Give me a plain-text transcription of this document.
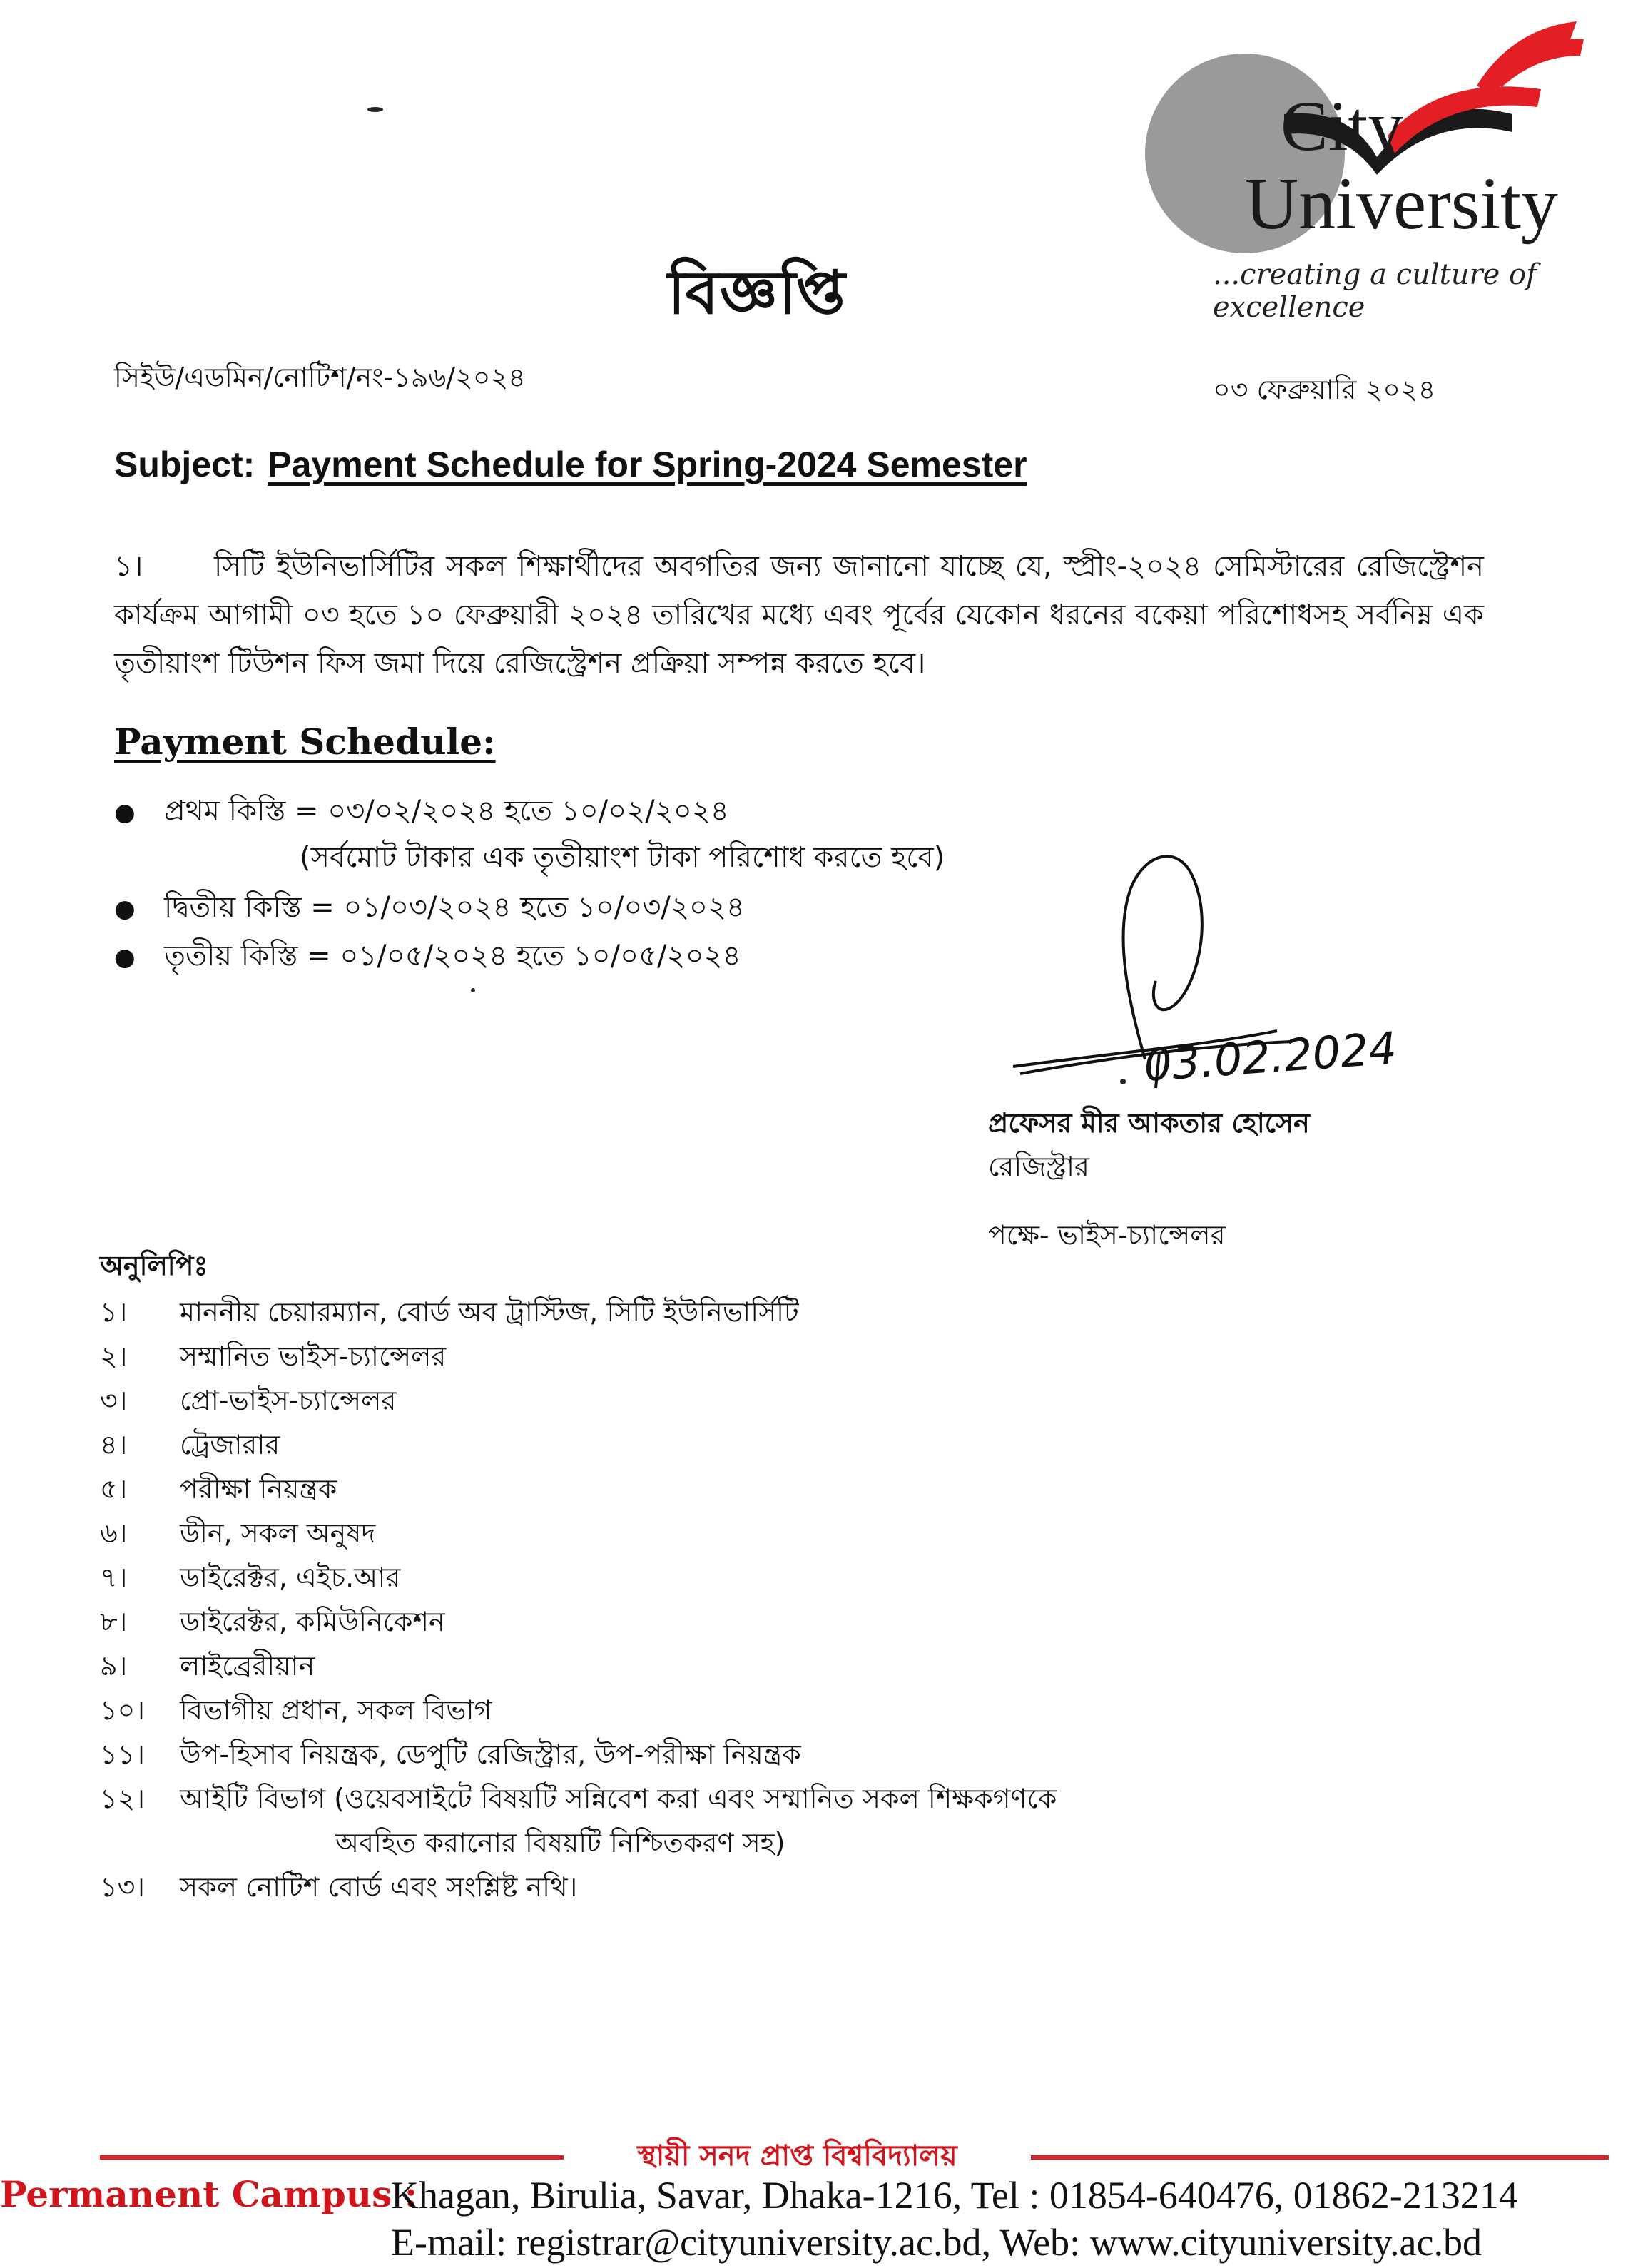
City
University
...creating a culture of excellence
বিজ্ঞপ্তি
সিইউ/এডমিন/নোটিশ/নং-১৯৬/২০২৪	০৩ ফেব্রুয়ারি ২০২৪
Subject: Payment Schedule for Spring-2024 Semester
১। সিটি ইউনিভার্সিটির সকল শিক্ষার্থীদের অবগতির জন্য জানানো যাচ্ছে যে, স্প্রীং-২০২৪ সেমিস্টারের রেজিস্ট্রেশন কার্যক্রম আগামী ০৩ হতে ১০ ফেব্রুয়ারী ২০২৪ তারিখের মধ্যে এবং পূর্বের যেকোন ধরনের বকেয়া পরিশোধসহ সর্বনিম্ন এক তৃতীয়াংশ টিউশন ফিস জমা দিয়ে রেজিস্ট্রেশন প্রক্রিয়া সম্পন্ন করতে হবে।
Payment Schedule:
● প্রথম কিস্তি = ০৩/০২/২০২৪ হতে ১০/০২/২০২৪
(সর্বমোট টাকার এক তৃতীয়াংশ টাকা পরিশোধ করতে হবে)
● দ্বিতীয় কিস্তি = ০১/০৩/২০২৪ হতে ১০/০৩/২০২৪
● তৃতীয় কিস্তি = ০১/০৫/২০২৪ হতে ১০/০৫/২০২৪
03.02.2024
প্রফেসর মীর আকতার হোসেন
রেজিস্ট্রার
পক্ষে- ভাইস-চ্যান্সেলর
অনুলিপিঃ
১। মাননীয় চেয়ারম্যান, বোর্ড অব ট্রাস্টিজ, সিটি ইউনিভার্সিটি
২। সম্মানিত ভাইস-চ্যান্সেলর
৩। প্রো-ভাইস-চ্যান্সেলর
৪। ট্রেজারার
৫। পরীক্ষা নিয়ন্ত্রক
৬। ডীন, সকল অনুষদ
৭। ডাইরেক্টর, এইচ.আর
৮। ডাইরেক্টর, কমিউনিকেশন
৯। লাইব্রেরীয়ান
১০। বিভাগীয় প্রধান, সকল বিভাগ
১১। উপ-হিসাব নিয়ন্ত্রক, ডেপুটি রেজিস্ট্রার, উপ-পরীক্ষা নিয়ন্ত্রক
১২। আইটি বিভাগ (ওয়েবসাইটে বিষয়টি সন্নিবেশ করা এবং সম্মানিত সকল শিক্ষকগণকে
অবহিত করানোর বিষয়টি নিশ্চিতকরণ সহ)
১৩। সকল নোটিশ বোর্ড এবং সংশ্লিষ্ট নথি।
স্থায়ী সনদ প্রাপ্ত বিশ্ববিদ্যালয়
Permanent Campus :
Khagan, Birulia, Savar, Dhaka-1216, Tel : 01854-640476, 01862-213214
E-mail: registrar@cityuniversity.ac.bd, Web: www.cityuniversity.ac.bd
